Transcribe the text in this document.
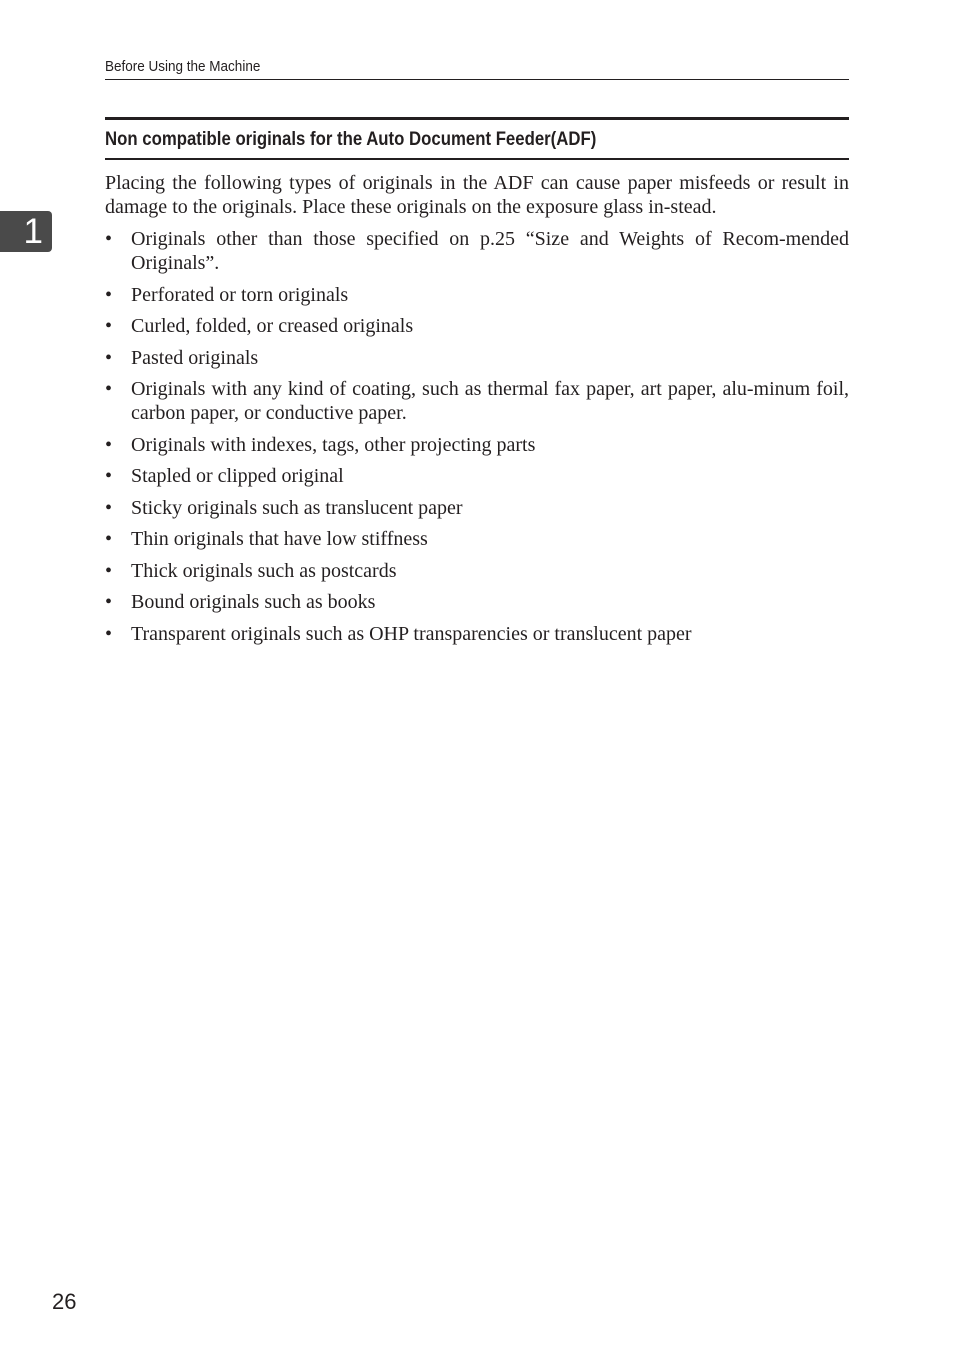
Before Using the Machine
Non compatible originals for the Auto Document Feeder(ADF)
1

Placing the following types of originals in the ADF can cause paper misfeeds or result in damage to the originals. Place these originals on the exposure glass in-stead.

• Originals other than those specified on p.25 “Size and Weights of Recom-mended Originals”.
• Perforated or torn originals
• Curled, folded, or creased originals
• Pasted originals
• Originals with any kind of coating, such as thermal fax paper, art paper, alu-minum foil, carbon paper, or conductive paper.
• Originals with indexes, tags, other projecting parts
• Stapled or clipped original
• Sticky originals such as translucent paper
• Thin originals that have low stiffness
• Thick originals such as postcards
• Bound originals such as books
• Transparent originals such as OHP transparencies or translucent paper
26
